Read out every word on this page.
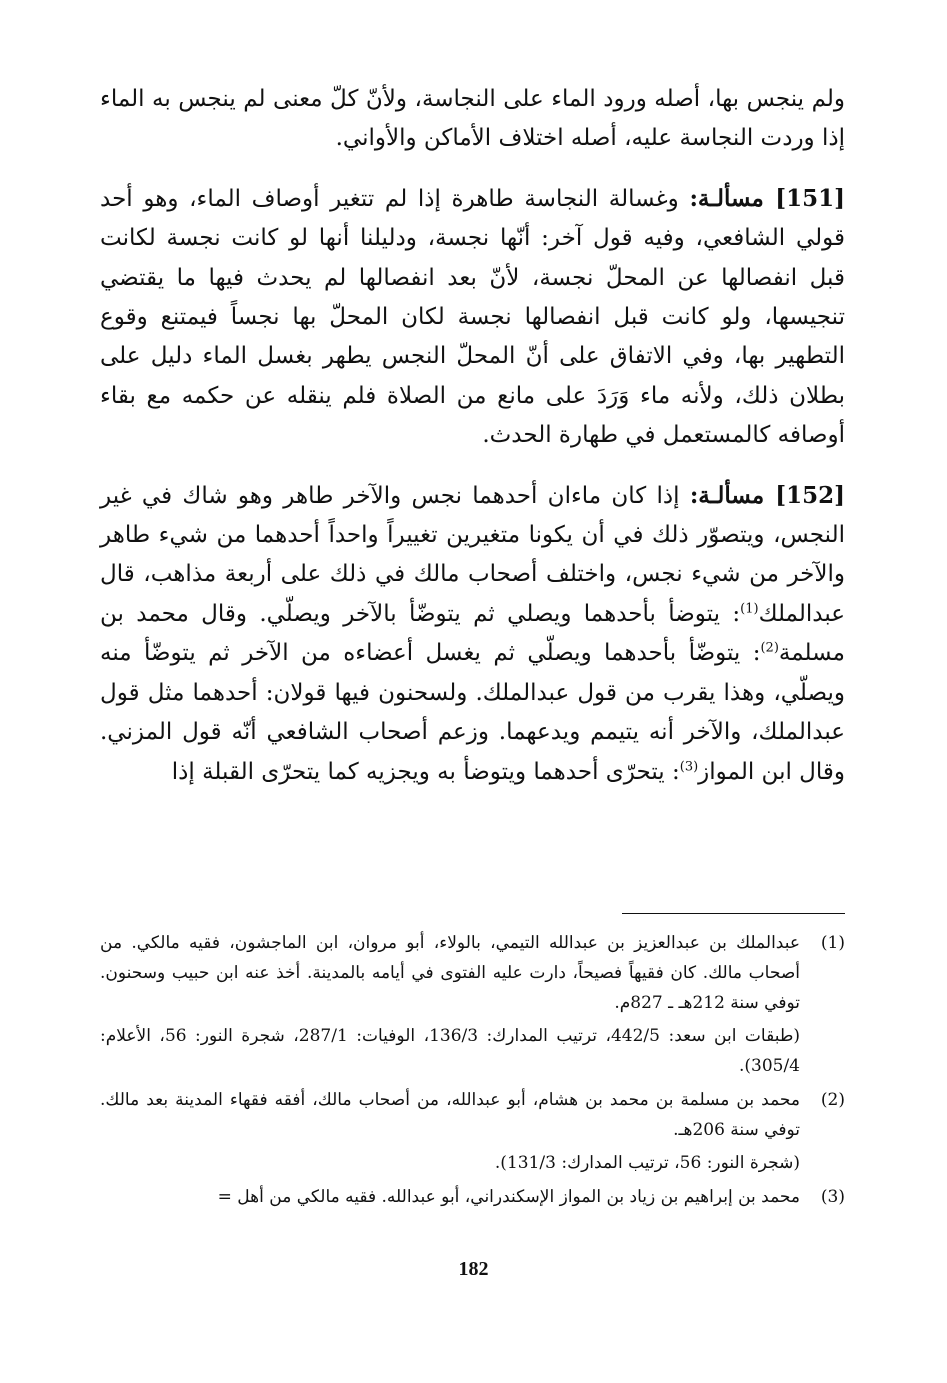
ولم ينجس بها، أصله ورود الماء على النجاسة، ولأنّ كلّ معنى لم ينجس به الماء إذا وردت النجاسة عليه، أصله اختلاف الأماكن والأواني.

[151] مسألـة: وغسالة النجاسة طاهرة إذا لم تتغير أوصاف الماء، وهو أحد قولي الشافعي، وفيه قول آخر: أنّها نجسة، ودليلنا أنها لو كانت نجسة لكانت قبل انفصالها عن المحلّ نجسة، لأنّ بعد انفصالها لم يحدث فيها ما يقتضي تنجيسها، ولو كانت قبل انفصالها نجسة لكان المحلّ بها نجساً فيمتنع وقوع التطهير بها، وفي الاتفاق على أنّ المحلّ النجس يطهر بغسل الماء دليل على بطلان ذلك، ولأنه ماء وَرَدَ على مانع من الصلاة فلم ينقله عن حكمه مع بقاء أوصافه كالمستعمل في طهارة الحدث.

[152] مسألـة: إذا كان ماءان أحدهما نجس والآخر طاهر وهو شاك في غير النجس، ويتصوّر ذلك في أن يكونا متغيرين تغييراً واحداً أحدهما من شيء طاهر والآخر من شيء نجس، واختلف أصحاب مالك في ذلك على أربعة مذاهب، قال عبدالملك$^{(1)}$: يتوضأ بأحدهما ويصلي ثم يتوضّأ بالآخر ويصلّي. وقال محمد بن مسلمة$^{(2)}$: يتوضّأ بأحدهما ويصلّي ثم يغسل أعضاءه من الآخر ثم يتوضّأ منه ويصلّي، وهذا يقرب من قول عبدالملك. ولسحنون فيها قولان: أحدهما مثل قول عبدالملك، والآخر أنه يتيمم ويدعهما. وزعم أصحاب الشافعي أنّه قول المزني. وقال ابن المواز$^{(3)}$: يتحرّى أحدهما ويتوضأ به ويجزيه كما يتحرّى القبلة إذا

(1)
عبدالملك بن عبدالعزيز بن عبدالله التيمي، بالولاء، أبو مروان، ابن الماجشون، فقيه مالكي. من أصحاب مالك. كان فقيهاً فصيحاً، دارت عليه الفتوى في أيامه بالمدينة. أخذ عنه ابن حبيب وسحنون. توفي سنة 212هـ ـ 827م.
(طبقات ابن سعد: 442/5، ترتيب المدارك: 136/3، الوفيات: 287/1، شجرة النور: 56، الأعلام: 305/4).
(2)
محمد بن مسلمة بن محمد بن هشام، أبو عبدالله، من أصحاب مالك، أفقه فقهاء المدينة بعد مالك. توفي سنة 206هـ.
(شجرة النور: 56، ترتيب المدارك: 131/3).
(3)
محمد بن إبراهيم بن زياد بن المواز الإسكندراني، أبو عبدالله. فقيه مالكي من أهل =
182
